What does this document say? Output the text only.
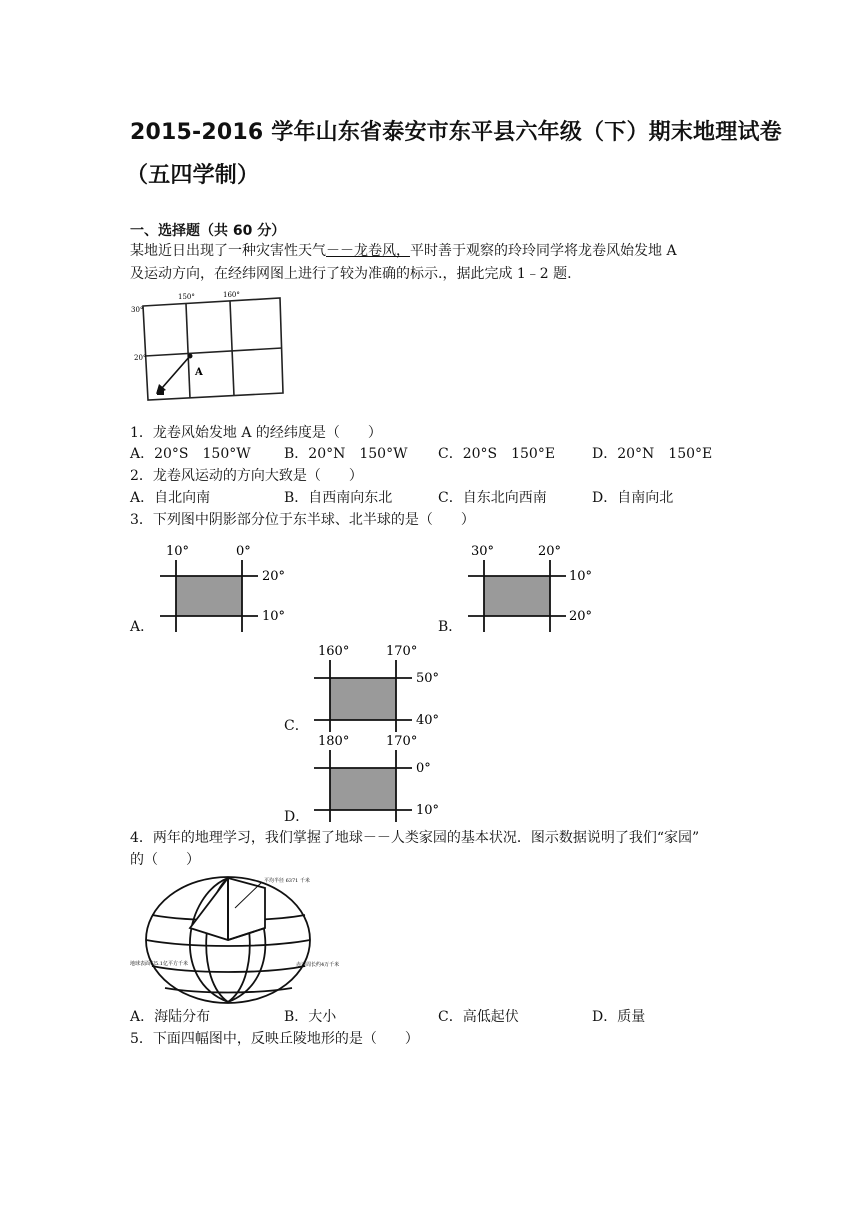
2015-2016 学年山东省泰安市东平县六年级（下）期末地理试卷
（五四学制）
一、选择题（共 60 分）
某地近日出现了一种灾害性天气－－龙卷风，平时善于观察的玲玲同学将龙卷风始发地 A
及运动方向，在经纬网图上进行了较为准确的标示.，据此完成 1﹣2 题.
150°	160°
30°
20°
A
1．龙卷风始发地 A 的经纬度是（　　）
A．20°S　150°W B．20°N　150°W C．20°S　150°E	D．20°N　150°E
2．龙卷风运动的方向大致是（　　）
A．自北向南	B．自西南向东北	C．自东北向西南	D．自南向北
3．下列图中阴影部分位于东半球、北半球的是（　　）
A．
10°	0°
20°
10°
B．
30°	20°
10°
20°
C．
160°	170°
50°
40°
D．
180°	170°
0°
10°
4．两年的地理学习，我们掌握了地球－－人类家园的基本状况．图示数据说明了我们“家园”
的（　　）
平均半径 6371 千米
地球表面积5.1亿平方千米	赤道周长约4万千米
A．海陆分布	B．大小	C．高低起伏	D．质量
5．下面四幅图中，反映丘陵地形的是（　　）
